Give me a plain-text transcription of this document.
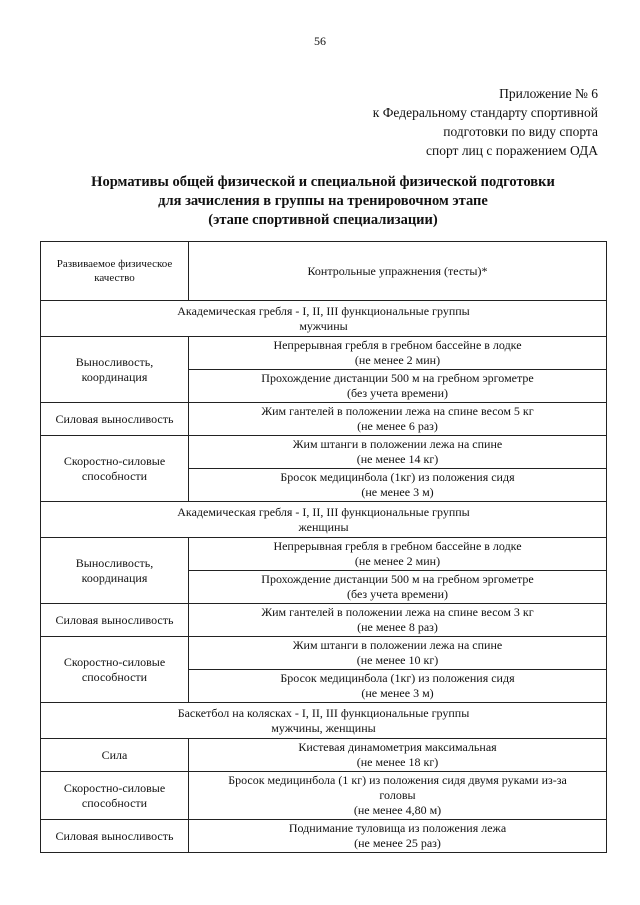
56
Приложение № 6
к Федеральному стандарту спортивной
подготовки по виду спорта
спорт лиц с поражением ОДА
Нормативы общей физической и специальной физической подготовки
для зачисления в группы на тренировочном этапе
(этапе спортивной специализации)
Развиваемое физическое качество	Контрольные упражнения (тесты)*

Академическая гребля - I, II, III функциональные группы
мужчины	

Выносливость, координация	Непрерывная гребля в гребном бассейне в лодке
(не менее 2 мин)

	Прохождение дистанции 500 м на гребном эргометре
(без учета времени)

Силовая выносливость	Жим гантелей в положении лежа на спине весом 5 кг
(не менее 6 раз)

Скоростно-силовые способности	Жим штанги в положении лежа на спине
(не менее 14 кг)

	Бросок медицинбола (1кг) из положения сидя
(не менее 3 м)

Академическая гребля - I, II, III функциональные группы
женщины	

Выносливость, координация	Непрерывная гребля в гребном бассейне в лодке
(не менее 2 мин)

	Прохождение дистанции 500 м на гребном эргометре
(без учета времени)

Силовая выносливость	Жим гантелей в положении лежа на спине весом 3 кг
(не менее 8 раз)

Скоростно-силовые способности	Жим штанги в положении лежа на спине
(не менее 10 кг)

	Бросок медицинбола (1кг) из положения сидя
(не менее 3 м)

Баскетбол на колясках - I, II, III функциональные группы
мужчины, женщины	

Сила	Кистевая динамометрия максимальная
(не менее 18 кг)

Скоростно-силовые способности	Бросок медицинбола (1 кг) из положения сидя двумя руками из-за
головы
(не менее 4,80 м)

Силовая выносливость	Поднимание туловища из положения лежа
(не менее 25 раз)
